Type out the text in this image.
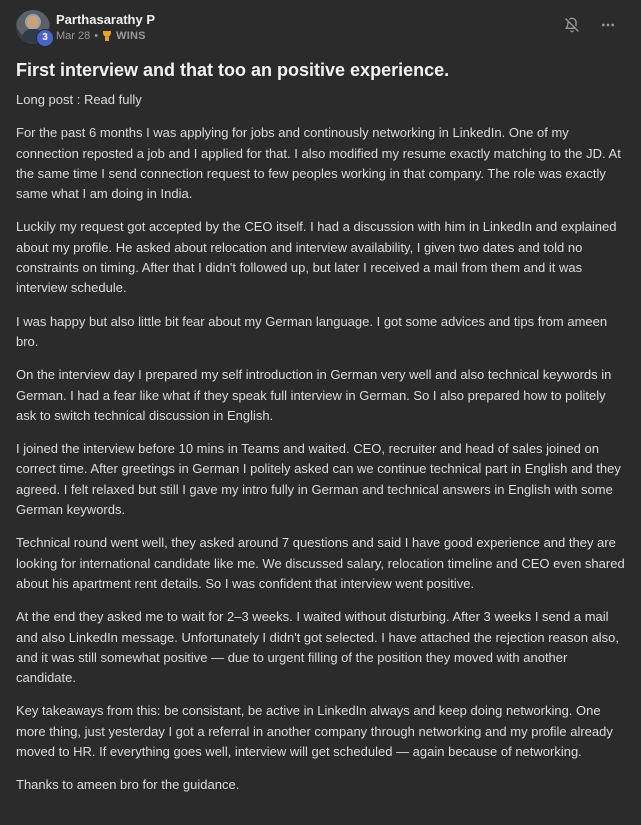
3
Parthasarathy P
Mar 28 • WINS
First interview and that too an positive experience.

Long post : Read fully

For the past 6 months I was applying for jobs and continously networking in LinkedIn. One of my connection reposted a job and I applied for that. I also modified my resume exactly matching to the JD. At the same time I send connection request to few peoples working in that company. The role was exactly same what I am doing in India.

Luckily my request got accepted by the CEO itself. I had a discussion with him in LinkedIn and explained about my profile. He asked about relocation and interview availability, I given two dates and told no constraints on timing. After that I didn't followed up, but later I received a mail from them and it was interview schedule.

I was happy but also little bit fear about my German language. I got some advices and tips from ameen bro.

On the interview day I prepared my self introduction in German very well and also technical keywords in German. I had a fear like what if they speak full interview in German. So I also prepared how to politely ask to switch technical discussion in English.

I joined the interview before 10 mins in Teams and waited. CEO, recruiter and head of sales joined on correct time. After greetings in German I politely asked can we continue technical part in English and they agreed. I felt relaxed but still I gave my intro fully in German and technical answers in English with some German keywords.

Technical round went well, they asked around 7 questions and said I have good experience and they are looking for international candidate like me. We discussed salary, relocation timeline and CEO even shared about his apartment rent details. So I was confident that interview went positive.

At the end they asked me to wait for 2–3 weeks. I waited without disturbing. After 3 weeks I send a mail and also LinkedIn message. Unfortunately I didn't got selected. I have attached the rejection reason also, and it was still somewhat positive — due to urgent filling of the position they moved with another candidate.

Key takeaways from this: be consistant, be active in LinkedIn always and keep doing networking. One more thing, just yesterday I got a referral in another company through networking and my profile already moved to HR. If everything goes well, interview will get scheduled — again because of networking.

Thanks to ameen bro for the guidance.
